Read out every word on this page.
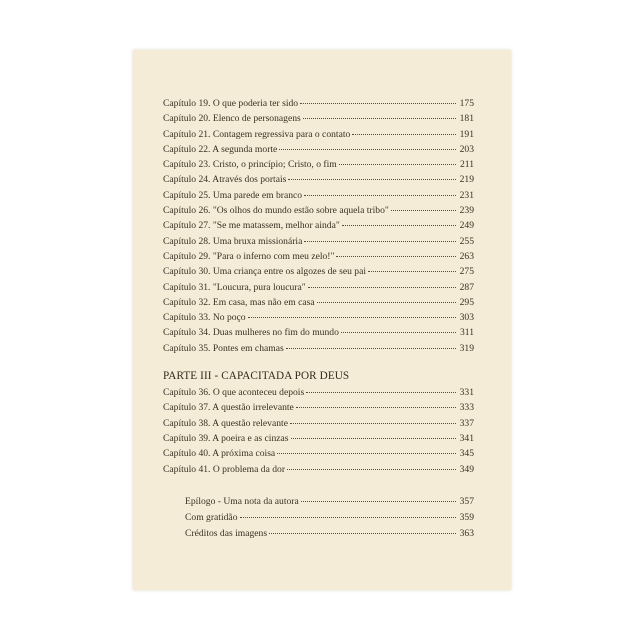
Capítulo 19. O que poderia ter sido	175
Capítulo 20. Elenco de personagens	181
Capítulo 21. Contagem regressiva para o contato	191
Capítulo 22. A segunda morte	203
Capítulo 23. Cristo, o princípio; Cristo, o fim	211
Capítulo 24. Através dos portais	219
Capítulo 25. Uma parede em branco	231
Capítulo 26. "Os olhos do mundo estão sobre aquela tribo"	239
Capítulo 27. "Se me matassem, melhor ainda"	249
Capítulo 28. Uma bruxa missionária	255
Capítulo 29. "Para o inferno com meu zelo!"	263
Capítulo 30. Uma criança entre os algozes de seu pai	275
Capítulo 31. "Loucura, pura loucura"	287
Capítulo 32. Em casa, mas não em casa	295
Capítulo 33. No poço	303
Capítulo 34. Duas mulheres no fim do mundo	311
Capítulo 35. Pontes em chamas	319
PARTE III - CAPACITADA POR DEUS
Capítulo 36. O que aconteceu depois	331
Capítulo 37. A questão irrelevante	333
Capítulo 38. A questão relevante	337
Capítulo 39. A poeira e as cinzas	341
Capítulo 40. A próxima coisa	345
Capítulo 41. O problema da dor	349
Epílogo - Uma nota da autora	357
Com gratidão	359
Créditos das imagens	363
